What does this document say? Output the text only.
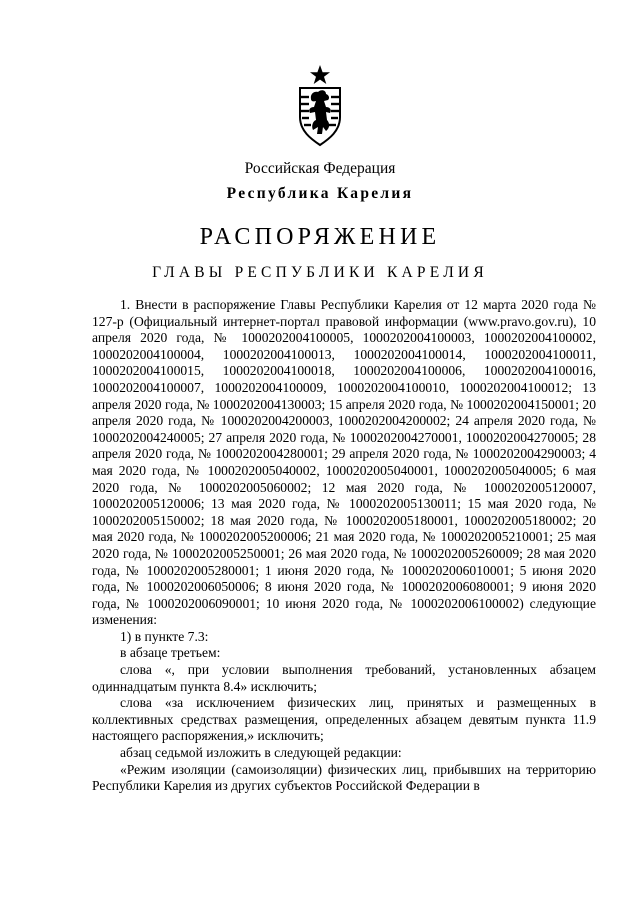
Российская Федерация
Республика Карелия
РАСПОРЯЖЕНИЕ
ГЛАВЫ РЕСПУБЛИКИ КАРЕЛИЯ

1. Внести в распоряжение Главы Республики Карелия от 12 марта 2020 года № 127-р (Официальный интернет-портал правовой информации (www.pravo.gov.ru), 10 апреля 2020 года, № 1000202004100005, 1000202004100003, 1000202004100002, 1000202004100004, 1000202004100013, 1000202004100014, 1000202004100011, 1000202004100015, 1000202004100018, 1000202004100006, 1000202004100016, 1000202004100007, 1000202004100009, 1000202004100010, 1000202004100012; 13 апреля 2020 года, № 1000202004130003; 15 апреля 2020 года, № 1000202004150001; 20 апреля 2020 года, № 1000202004200003, 1000202004200002; 24 апреля 2020 года, № 1000202004240005; 27 апреля 2020 года, № 1000202004270001, 1000202004270005; 28 апреля 2020 года, № 1000202004280001; 29 апреля 2020 года, № 1000202004290003; 4 мая 2020 года, № 1000202005040002, 1000202005040001, 1000202005040005; 6 мая 2020 года, № 1000202005060002; 12 мая 2020 года, № 1000202005120007, 1000202005120006; 13 мая 2020 года, № 1000202005130011; 15 мая 2020 года, № 1000202005150002; 18 мая 2020 года, № 1000202005180001, 1000202005180002; 20 мая 2020 года, № 1000202005200006; 21 мая 2020 года, № 1000202005210001; 25 мая 2020 года, № 1000202005250001; 26 мая 2020 года, № 1000202005260009; 28 мая 2020 года, № 1000202005280001; 1 июня 2020 года, № 1000202006010001; 5 июня 2020 года, № 1000202006050006; 8 июня 2020 года, № 1000202006080001; 9 июня 2020 года, № 1000202006090001; 10 июня 2020 года, № 1000202006100002) следующие изменения:

1) в пункте 7.3:

в абзаце третьем:

слова «, при условии выполнения требований, установленных абзацем одиннадцатым пункта 8.4» исключить;

слова «за исключением физических лиц, принятых и размещенных в коллективных средствах размещения, определенных абзацем девятым пункта 11.9 настоящего распоряжения,» исключить;

абзац седьмой изложить в следующей редакции:

«Режим изоляции (самоизоляции) физических лиц, прибывших на территорию Республики Карелия из других субъектов Российской Федерации в
